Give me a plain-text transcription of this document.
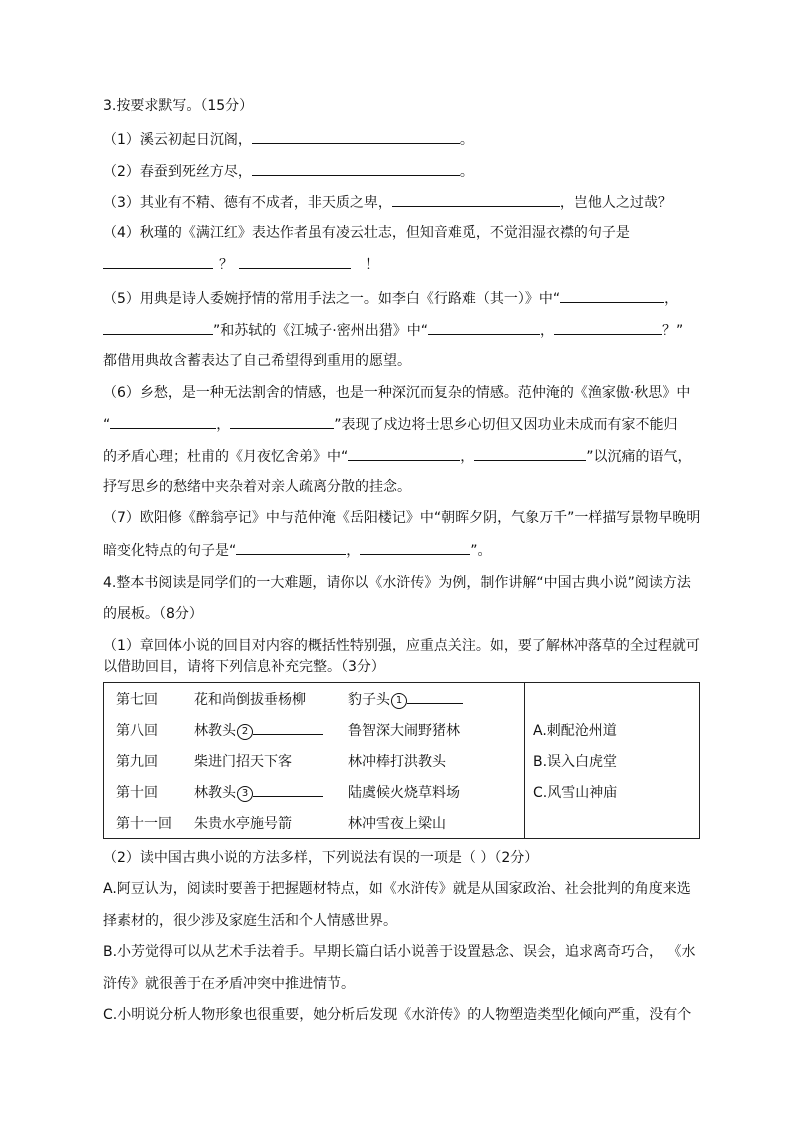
3.按要求默写。（15分）
（1）溪云初起日沉阁，	。
（2）春蚕到死丝方尽，	。
（3）其业有不精、德有不成者，非天质之卑，	，岂他人之过哉？
（4）秋瑾的《满江红》表达作者虽有凌云壮志，但知音难觅，不觉泪湿衣襟的句子是
？	！
（5）用典是诗人委婉抒情的常用手法之一。如李白《行路难（其一）》中“	，
”和苏轼的《江城子·密州出猎》中“	，	？”
都借用典故含蓄表达了自己希望得到重用的愿望。
（6）乡愁，是一种无法割舍的情感，也是一种深沉而复杂的情感。范仲淹的《渔家傲·秋思》中
“	，	”表现了戍边将士思乡心切但又因功业未成而有家不能归
的矛盾心理；杜甫的《月夜忆舍弟》中“	，	”以沉痛的语气，
抒写思乡的愁绪中夹杂着对亲人疏离分散的挂念。
（7）欧阳修《醉翁亭记》中与范仲淹《岳阳楼记》中“朝晖夕阴，气象万千”一样描写景物早晚明
暗变化特点的句子是“	，	”。
4.整本书阅读是同学们的一大难题，请你以《水浒传》为例，制作讲解“中国古典小说”阅读方法
的展板。（8分）
（1）章回体小说的回目对内容的概括性特别强，应重点关注。如，要了解林冲落草的全过程就可
以借助回目，请将下列信息补充完整。（3分）
第七回	花和尚倒拔垂杨柳	豹子头 1	
第八回	林教头 2	鲁智深大闹野猪林	A.刺配沧州道
第九回	柴进门招天下客	林冲棒打洪教头	B.误入白虎堂
第十回	林教头 3	陆虞候火烧草料场	C.风雪山神庙
第十一回	朱贵水亭施号箭	林冲雪夜上梁山	
（2）读中国古典小说的方法多样，下列说法有误的一项是（ ）（2分）
A.阿豆认为，阅读时要善于把握题材特点，如《水浒传》就是从国家政治、社会批判的角度来选
择素材的，很少涉及家庭生活和个人情感世界。
B.小芳觉得可以从艺术手法着手。早期长篇白话小说善于设置悬念、误会，追求离奇巧合， 《水
浒传》就很善于在矛盾冲突中推进情节。
C.小明说分析人物形象也很重要，她分析后发现《水浒传》的人物塑造类型化倾向严重，没有个
